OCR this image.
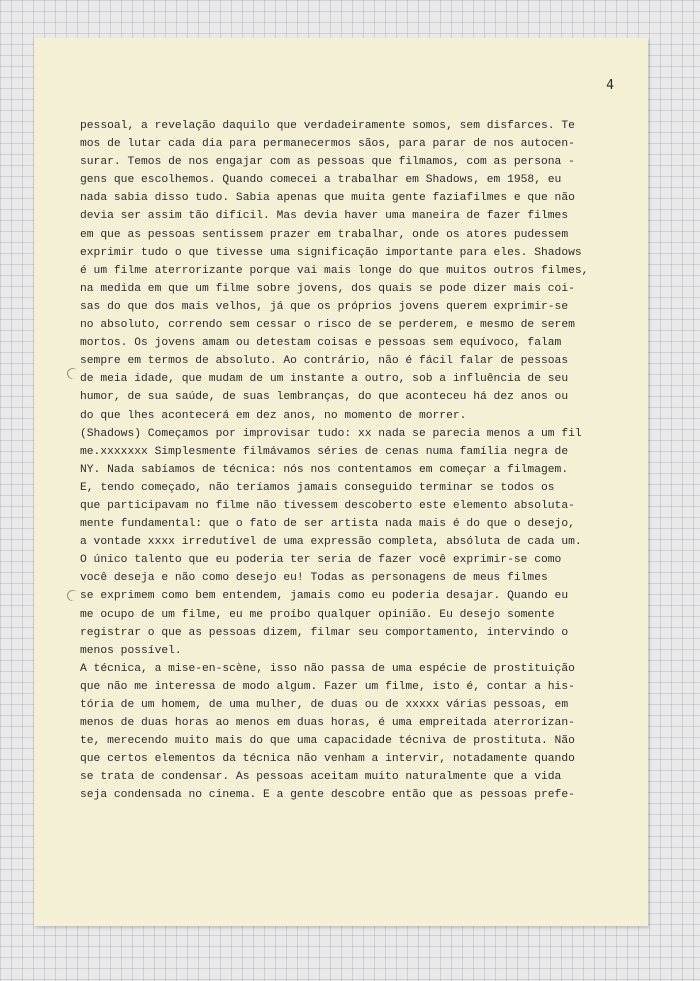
4
pessoal, a revelação daquilo que verdadeiramente somos, sem disfarces. Te
mos de lutar cada dia para permanecermos sãos, para parar de nos autocen-
surar. Temos de nos engajar com as pessoas que filmamos, com as persona -
gens que escolhemos. Quando comecei a trabalhar em Shadows, em 1958, eu
nada sabia disso tudo. Sabia apenas que muita gente faziafilmes e que não
devia ser assim tão difícil. Mas devia haver uma maneira de fazer filmes
em que as pessoas sentissem prazer em trabalhar, onde os atores pudessem
exprimir tudo o que tivesse uma significação importante para eles. Shadows
é um filme aterrorizante porque vai mais longe do que muitos outros filmes,
na medida em que um filme sobre jovens, dos quais se pode dizer mais coi-
sas do que dos mais velhos, já que os próprios jovens querem exprimir-se
no absoluto, correndo sem cessar o risco de se perderem, e mesmo de serem
mortos. Os jovens amam ou detestam coisas e pessoas sem equívoco, falam
sempre em termos de absoluto. Ao contrário, não é fácil falar de pessoas
de meia idade, que mudam de um instante a outro, sob a influência de seu
humor, de sua saúde, de suas lembranças, do que aconteceu há dez anos ou
do que lhes acontecerá em dez anos, no momento de morrer.
(Shadows) Começamos por improvisar tudo: xx nada se parecia menos a um fil
me.xxxxxxx Simplesmente filmávamos séries de cenas numa família negra de
NY. Nada sabíamos de técnica: nós nos contentamos em começar a filmagem.
E, tendo começado, não teríamos jamais conseguido terminar se todos os
que participavam no filme não tivessem descoberto este elemento absoluta-
mente fundamental: que o fato de ser artista nada mais é do que o desejo,
a vontade xxxx irredutível de uma expressão completa, absóluta de cada um.
O único talento que eu poderia ter seria de fazer você exprimir-se como
você deseja e não como desejo eu! Todas as personagens de meus filmes
se exprimem como bem entendem, jamais como eu poderia desajar. Quando eu
me ocupo de um filme, eu me proíbo qualquer opinião. Eu desejo somente
registrar o que as pessoas dizem, filmar seu comportamento, intervindo o
menos possível.
A técnica, a mise-en-scène, isso não passa de uma espécie de prostituição
que não me interessa de modo algum. Fazer um filme, isto é, contar a his-
tória de um homem, de uma mulher, de duas ou de xxxxx várias pessoas, em
menos de duas horas ao menos em duas horas, é uma empreitada aterrorizan-
te, merecendo muito mais do que uma capacidade técniva de prostituta. Não
que certos elementos da técnica não venham a intervir, notadamente quando
se trata de condensar. As pessoas aceitam muito naturalmente que a vida
seja condensada no cinema. E a gente descobre então que as pessoas prefe-
